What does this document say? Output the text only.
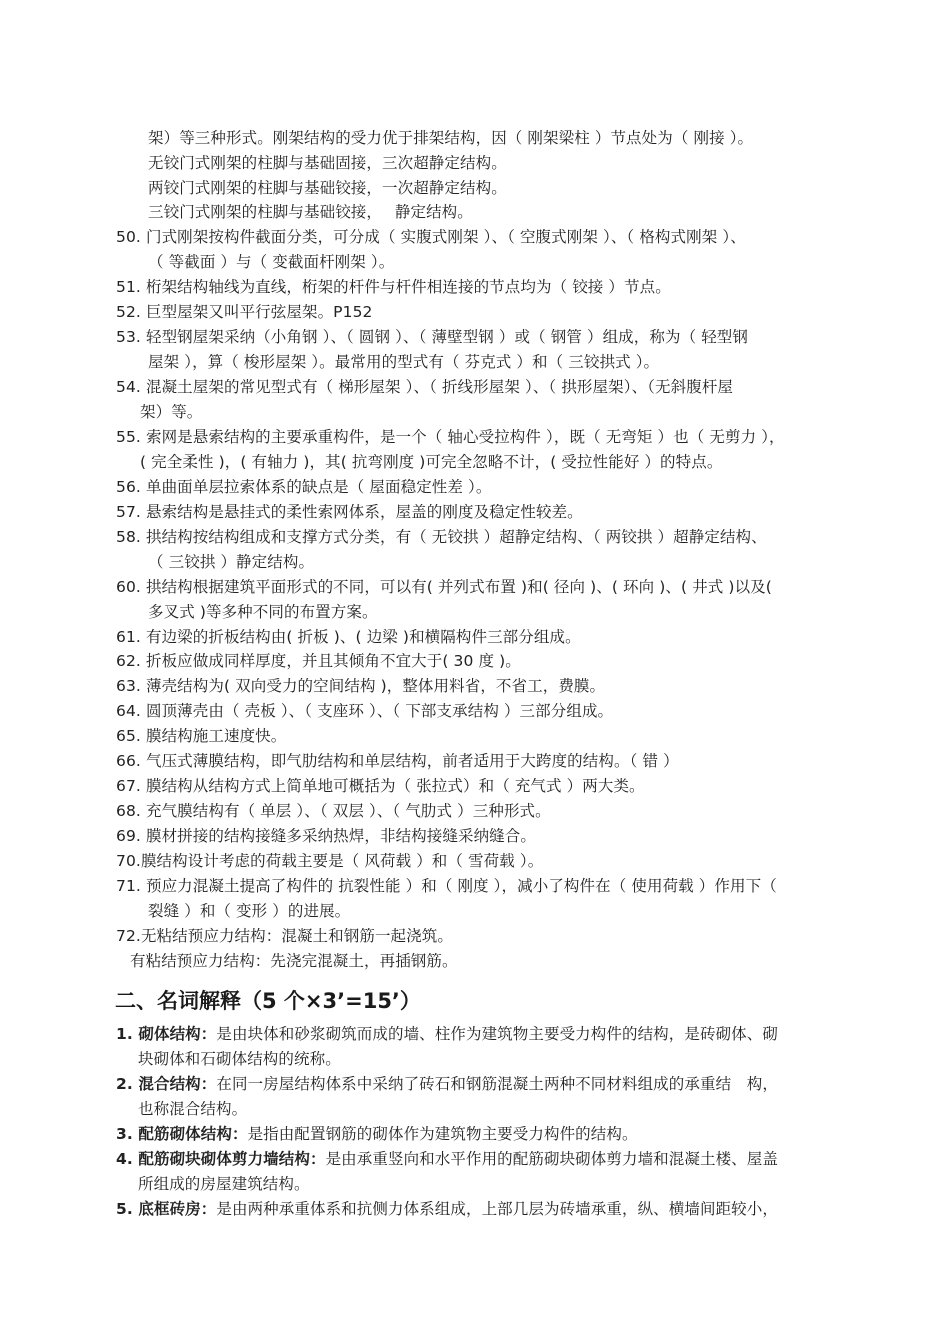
架）等三种形式。刚架结构的受力优于排架结构，因（ 刚架梁柱 ）节点处为（ 刚接 ）。
无铰门式刚架的柱脚与基础固接，三次超静定结构。
两铰门式刚架的柱脚与基础铰接，一次超静定结构。
三铰门式刚架的柱脚与基础铰接，　 静定结构。
50. 门式刚架按构件截面分类，可分成（ 实腹式刚架 ）、（ 空腹式刚架 ）、（ 格构式刚架 ）、
（ 等截面 ）与（ 变截面杆刚架 ）。
51. 桁架结构轴线为直线，桁架的杆件与杆件相连接的节点均为（ 铰接 ）节点。
52. 巨型屋架又叫平行弦屋架。P152
53. 轻型钢屋架采纳（小角钢 ）、（ 圆钢 ）、（ 薄壁型钢 ）或（ 钢管 ）组成，称为（ 轻型钢
屋架 ），算（ 梭形屋架 ）。最常用的型式有（ 芬克式 ）和（ 三铰拱式 ）。
54. 混凝土屋架的常见型式有（ 梯形屋架 ）、（ 折线形屋架 ）、（ 拱形屋架）、（无斜腹杆屋
架）等。
55. 索网是悬索结构的主要承重构件，是一个（ 轴心受拉构件 ），既（ 无弯矩 ）也（ 无剪力 ），
( 完全柔性 )，( 有轴力 )，其( 抗弯刚度 )可完全忽略不计，( 受拉性能好 ）的特点。
56. 单曲面单层拉索体系的缺点是（ 屋面稳定性差 ）。
57. 悬索结构是悬挂式的柔性索网体系，屋盖的刚度及稳定性较差。
58. 拱结构按结构组成和支撑方式分类，有（ 无铰拱 ）超静定结构、（ 两铰拱 ）超静定结构、
（ 三铰拱 ）静定结构。
60. 拱结构根据建筑平面形式的不同，可以有( 并列式布置 )和( 径向 )、( 环向 )、( 井式 )以及(
多叉式 )等多种不同的布置方案。
61. 有边梁的折板结构由( 折板 )、( 边梁 )和横隔构件三部分组成。
62. 折板应做成同样厚度，并且其倾角不宜大于( 30 度 )。
63. 薄壳结构为( 双向受力的空间结构 )，整体用料省，不省工，费膜。
64. 圆顶薄壳由（ 壳板 ）、（ 支座环 ）、（ 下部支承结构 ）三部分组成。
65. 膜结构施工速度快。
66. 气压式薄膜结构，即气肋结构和单层结构，前者适用于大跨度的结构。（ 错 ）
67. 膜结构从结构方式上简单地可概括为（ 张拉式）和（ 充气式 ）两大类。
68. 充气膜结构有（ 单层 ）、（ 双层 ）、（ 气肋式 ）三种形式。
69. 膜材拼接的结构接缝多采纳热焊，非结构接缝采纳缝合。
70.膜结构设计考虑的荷载主要是（ 风荷载 ）和（ 雪荷载 ）。
71. 预应力混凝土提高了构件的 抗裂性能 ）和（ 刚度 ），减小了构件在（ 使用荷载 ）作用下（
裂缝 ）和（ 变形 ）的进展。
72.无粘结预应力结构：混凝土和钢筋一起浇筑。
有粘结预应力结构：先浇完混凝土，再插钢筋。
二、名词解释（5 个×3’=15’）
1. 砌体结构：是由块体和砂浆砌筑而成的墙、柱作为建筑物主要受力构件的结构，是砖砌体、砌
块砌体和石砌体结构的统称。
2. 混合结构：在同一房屋结构体系中采纳了砖石和钢筋混凝土两种不同材料组成的承重结　构，
也称混合结构。
3. 配筋砌体结构：是指由配置钢筋的砌体作为建筑物主要受力构件的结构。
4. 配筋砌块砌体剪力墙结构：是由承重竖向和水平作用的配筋砌块砌体剪力墙和混凝土楼、屋盖
所组成的房屋建筑结构。
5. 底框砖房：是由两种承重体系和抗侧力体系组成，上部几层为砖墙承重，纵、横墙间距较小，
